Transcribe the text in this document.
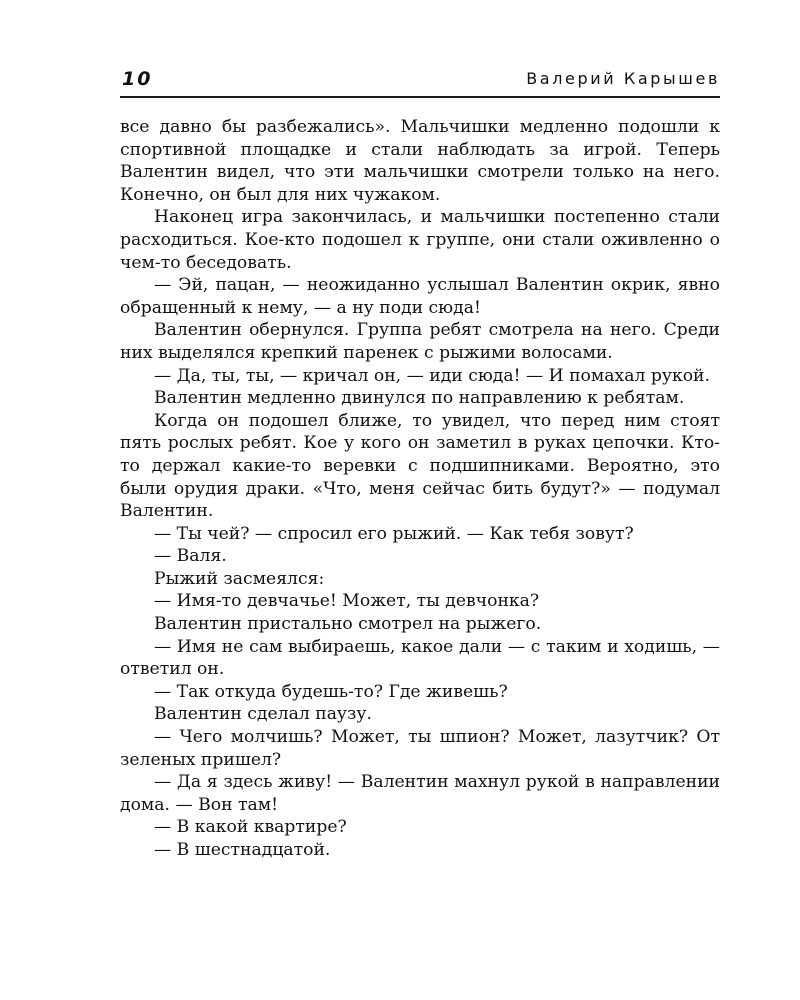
10	Валерий Карышев

все давно бы разбежались». Мальчишки медленно подошли к спортивной площадке и стали наблюдать за игрой. Теперь Валентин видел, что эти мальчишки смотрели только на него. Конечно, он был для них чужаком.

Наконец игра закончилась, и мальчишки постепенно стали расходиться. Кое-кто подошел к группе, они стали оживленно о чем-то беседовать.

— Эй, пацан, — неожиданно услышал Валентин окрик, явно обращенный к нему, — а ну поди сюда!

Валентин обернулся. Группа ребят смотрела на него. Среди них выделялся крепкий паренек с рыжими волосами.

— Да, ты, ты, — кричал он, — иди сюда! — И помахал рукой.

Валентин медленно двинулся по направлению к ребятам.

Когда он подошел ближе, то увидел, что перед ним стоят пять рослых ребят. Кое у кого он заметил в руках цепочки. Кто-то держал какие-то веревки с подшипниками. Вероятно, это были орудия драки. «Что, меня сейчас бить будут?» — подумал Валентин.

— Ты чей? — спросил его рыжий. — Как тебя зовут?

— Валя.

Рыжий засмеялся:

— Имя-то девчачье! Может, ты девчонка?

Валентин пристально смотрел на рыжего.

— Имя не сам выбираешь, какое дали — с таким и ходишь, — ответил он.

— Так откуда будешь-то? Где живешь?

Валентин сделал паузу.

— Чего молчишь? Может, ты шпион? Может, лазутчик? От зеленых пришел?

— Да я здесь живу! — Валентин махнул рукой в направлении дома. — Вон там!

— В какой квартире?

— В шестнадцатой.
